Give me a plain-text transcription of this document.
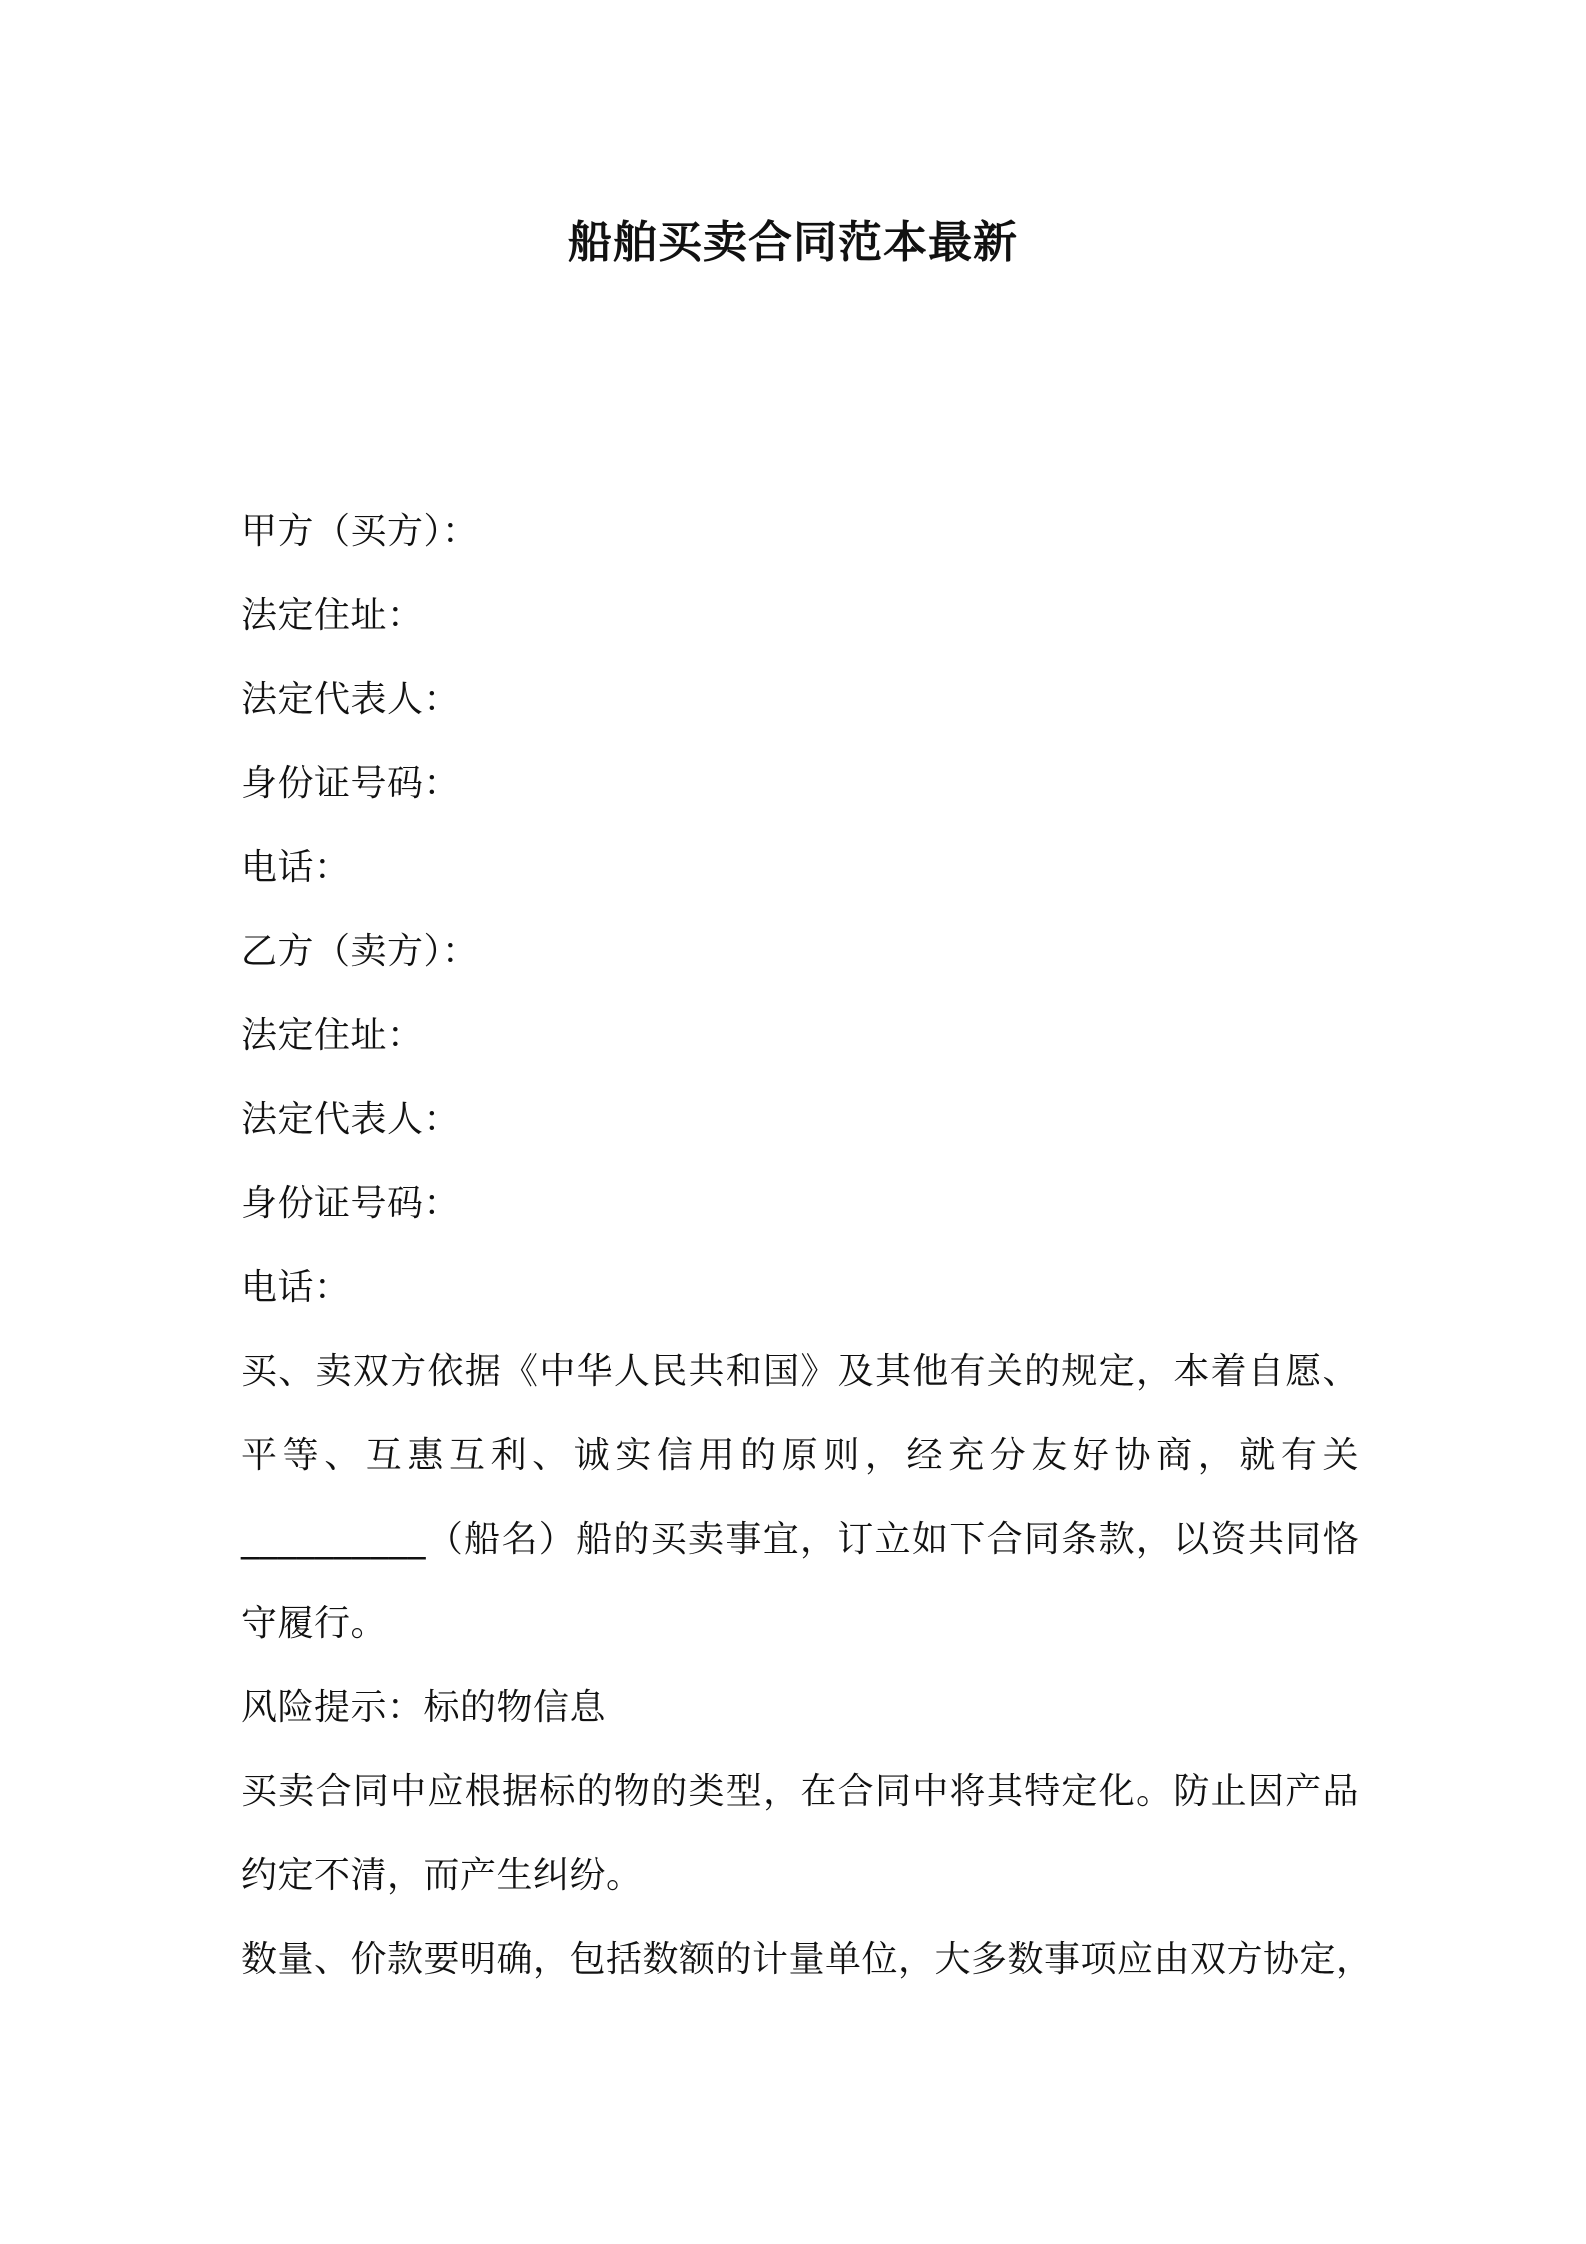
船舶买卖合同范本最新
甲方（买方）：
法定住址：
法定代表人：
身份证号码：
电话：
乙方（卖方）：
法定住址：
法定代表人：
身份证号码：
电话：
买、卖双方依据《中华人民共和国》及其他有关的规定，本着自愿、
平等、互惠互利、诚实信用的原则，经充分友好协商，就有关
__________（船名）船的买卖事宜，订立如下合同条款，以资共同恪
守履行。
风险提示：标的物信息
买卖合同中应根据标的物的类型，在合同中将其特定化。防止因产品
约定不清，而产生纠纷。
数量、价款要明确，包括数额的计量单位，大多数事项应由双方协定，
